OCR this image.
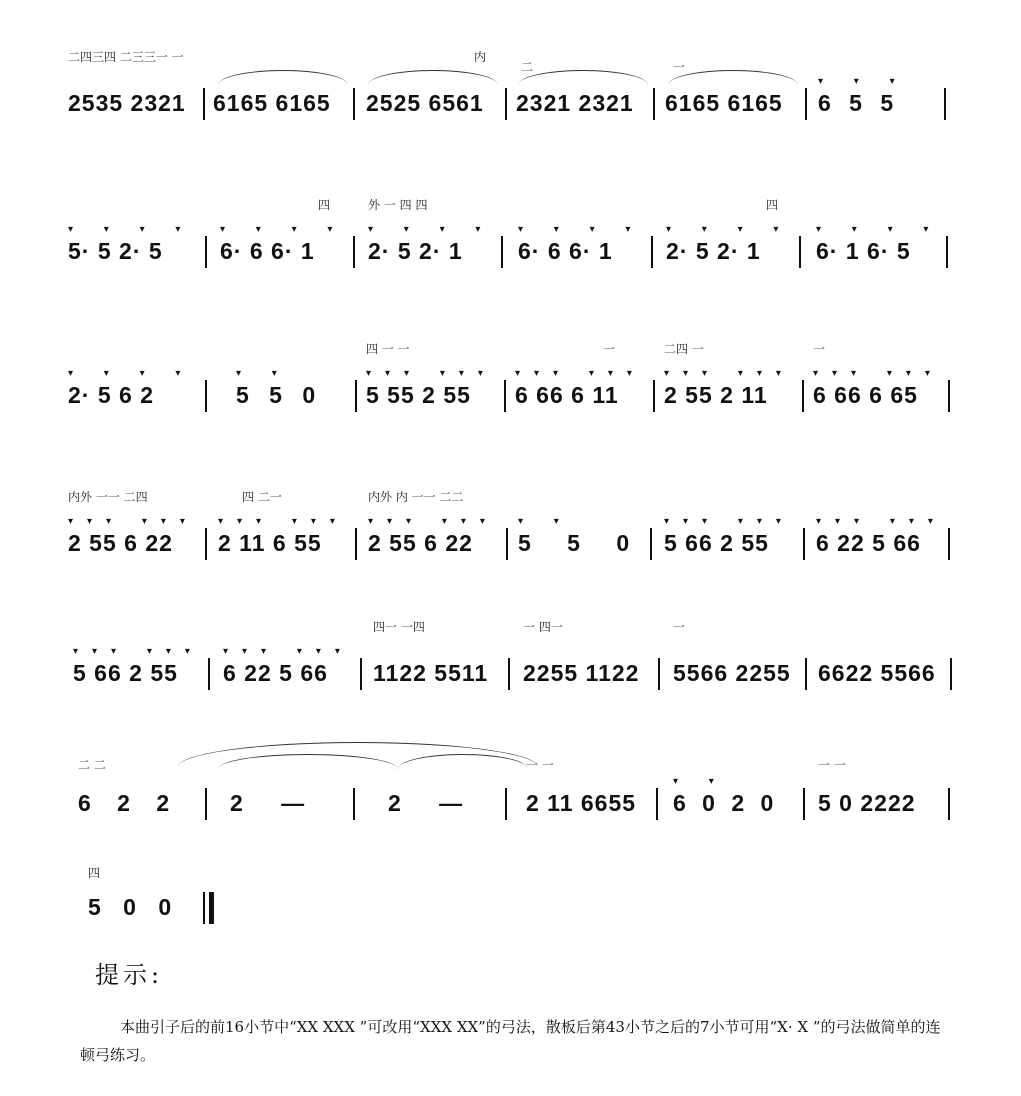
二四三四 二三三一 一
2535 2321	6165 6165
内
2525 6561
二
2321 2321
一
6165 6165
▾ ▾ ▾
6 5 5
▾ ▾ ▾ ▾
5· 5 2· 5
四
▾ ▾ ▾ ▾
6· 6 6· 1
外 一 四 四
▾ ▾ ▾ ▾
2· 5 2· 1
▾ ▾ ▾ ▾
6· 6 6· 1
四
▾ ▾ ▾ ▾
2· 5 2· 1
▾ ▾ ▾ ▾
6· 1 6· 5
▾ ▾ ▾ ▾
2· 5 6 2
▾ ▾
5 5 0
四 一 一
▾▾▾ ▾▾▾
5 55 2 55
一
▾▾▾ ▾▾▾
6 66 6 11
二四 一
▾▾▾ ▾▾▾
2 55 2 11
一
▾▾▾ ▾▾▾
6 66 6 65
内外 一一 二四
▾▾▾ ▾▾▾
2 55 6 22
四 二一
▾▾▾ ▾▾▾
2 11 6 55
内外 内 一一 二二
▾▾▾ ▾▾▾
2 55 6 22
▾ ▾
5 5 0
▾▾▾ ▾▾▾
5 66 2 55
▾▾▾ ▾▾▾
6 22 5 66
▾▾▾ ▾▾▾
5 66 2 55
▾▾▾ ▾▾▾
6 22 5 66
四一 一四
1122 5511
一 四一
2255 1122
一
5566 2255	6622 5566
二 二
6 2 2	2 —	2 —
一 一
2 11 6655
▾ ▾
6 0 2 0
一 一
5 0 2222
四
5 0 0
提示:
本曲引子后的前16小节中“XX XXX ”可改用“XXX XX”的弓法，散板后第43小节之后的7小节可用“X· X ”的弓法做简单的连顿弓练习。
